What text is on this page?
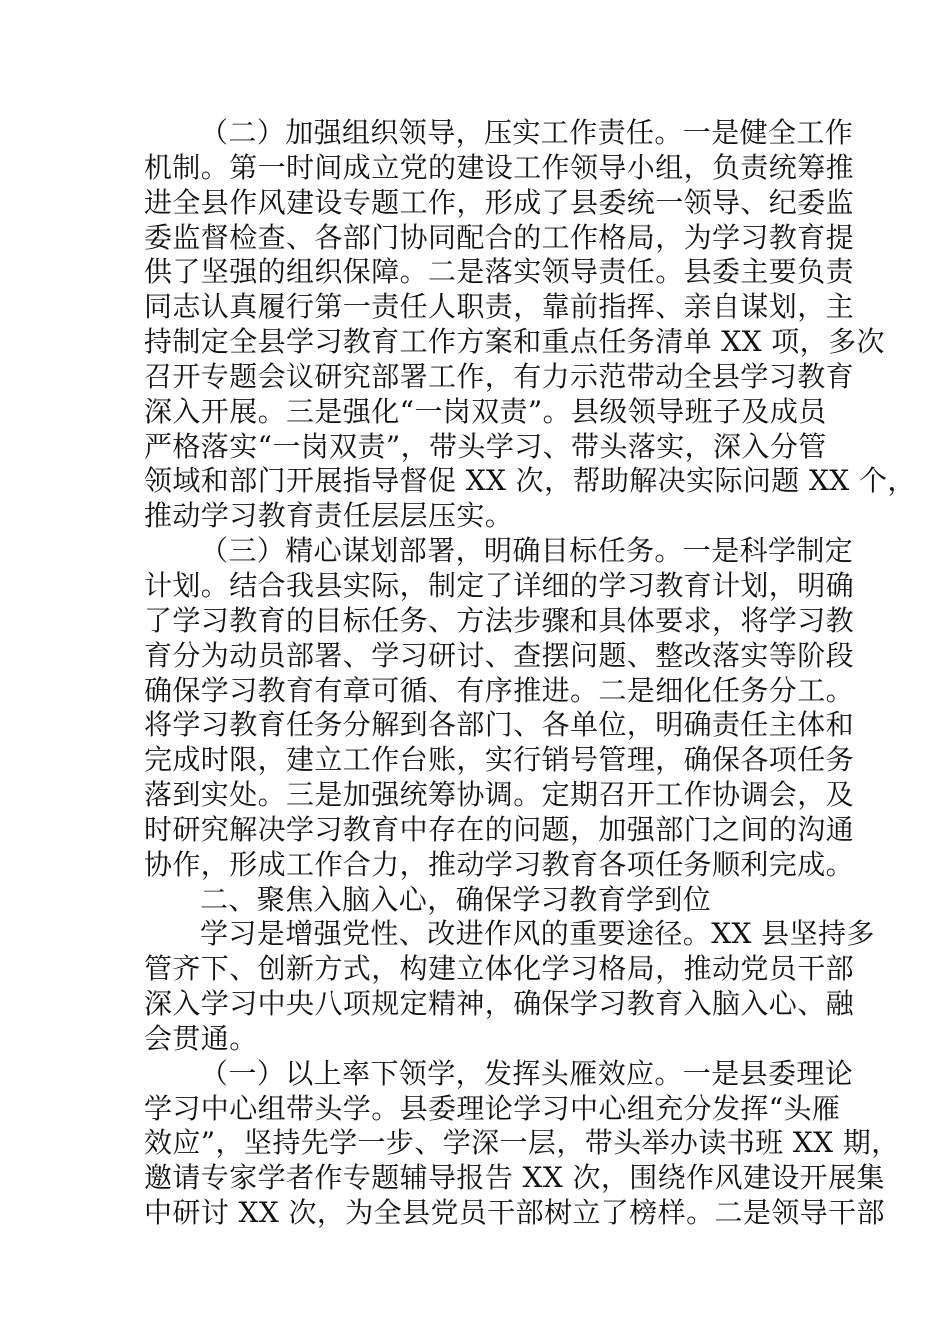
（二）加强组织领导，压实工作责任。一是健全工作
机制。第一时间成立党的建设工作领导小组，负责统筹推
进全县作风建设专题工作，形成了县委统一领导、纪委监
委监督检查、各部门协同配合的工作格局，为学习教育提
供了坚强的组织保障。二是落实领导责任。县委主要负责
同志认真履行第一责任人职责，靠前指挥、亲自谋划，主
持制定全县学习教育工作方案和重点任务清单 XX 项，多次
召开专题会议研究部署工作，有力示范带动全县学习教育
深入开展。三是强化“一岗双责”。县级领导班子及成员
严格落实“一岗双责”，带头学习、带头落实，深入分管
领域和部门开展指导督促 XX 次，帮助解决实际问题 XX 个，
推动学习教育责任层层压实。
（三）精心谋划部署，明确目标任务。一是科学制定
计划。结合我县实际，制定了详细的学习教育计划，明确
了学习教育的目标任务、方法步骤和具体要求，将学习教
育分为动员部署、学习研讨、查摆问题、整改落实等阶段
确保学习教育有章可循、有序推进。二是细化任务分工。
将学习教育任务分解到各部门、各单位，明确责任主体和
完成时限，建立工作台账，实行销号管理，确保各项任务
落到实处。三是加强统筹协调。定期召开工作协调会，及
时研究解决学习教育中存在的问题，加强部门之间的沟通
协作，形成工作合力，推动学习教育各项任务顺利完成。
二、聚焦入脑入心，确保学习教育学到位
学习是增强党性、改进作风的重要途径。XX 县坚持多
管齐下、创新方式，构建立体化学习格局，推动党员干部
深入学习中央八项规定精神，确保学习教育入脑入心、融
会贯通。
（一）以上率下领学，发挥头雁效应。一是县委理论
学习中心组带头学。县委理论学习中心组充分发挥“头雁
效应”，坚持先学一步、学深一层，带头举办读书班 XX 期，
邀请专家学者作专题辅导报告 XX 次，围绕作风建设开展集
中研讨 XX 次，为全县党员干部树立了榜样。二是领导干部
